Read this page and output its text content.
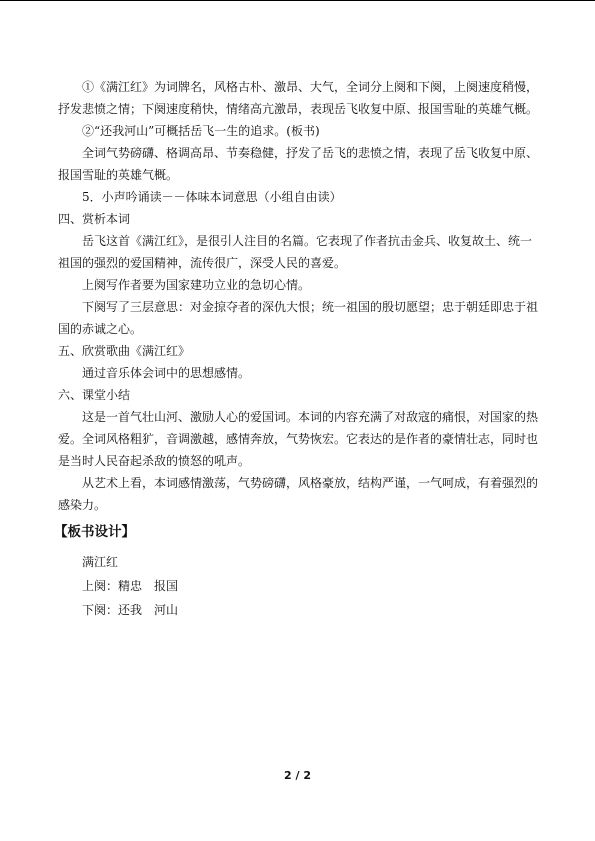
①《满江红》为词牌名，风格古朴、激昂、大气，全词分上阕和下阕，上阕速度稍慢，抒发悲愤之情；下阕速度稍快，情绪高亢激昂，表现岳飞收复中原、报国雪耻的英雄气概。

②“还我河山”可概括岳飞一生的追求。(板书)

全词气势磅礴、格调高昂、节奏稳健，抒发了岳飞的悲愤之情，表现了岳飞收复中原、报国雪耻的英雄气概。

5．小声吟诵读－－体味本词意思（小组自由读）

四、赏析本词

岳飞这首《满江红》，是很引人注目的名篇。它表现了作者抗击金兵、收复故土、统一祖国的强烈的爱国精神，流传很广，深受人民的喜爱。

上阕写作者要为国家建功立业的急切心情。

下阕写了三层意思：对金掠夺者的深仇大恨；统一祖国的殷切愿望；忠于朝廷即忠于祖国的赤诚之心。

五、欣赏歌曲《满江红》

通过音乐体会词中的思想感情。

六、课堂小结

这是一首气壮山河、激励人心的爱国词。本词的内容充满了对敌寇的痛恨，对国家的热爱。全词风格粗犷，音调激越，感情奔放，气势恢宏。它表达的是作者的豪情壮志，同时也是当时人民奋起杀敌的愤怒的吼声。

从艺术上看，本词感情激荡，气势磅礴，风格豪放，结构严谨，一气呵成，有着强烈的感染力。

【板书设计】

满江红

上阕：精忠　报国

下阕：还我　河山

2 / 2
